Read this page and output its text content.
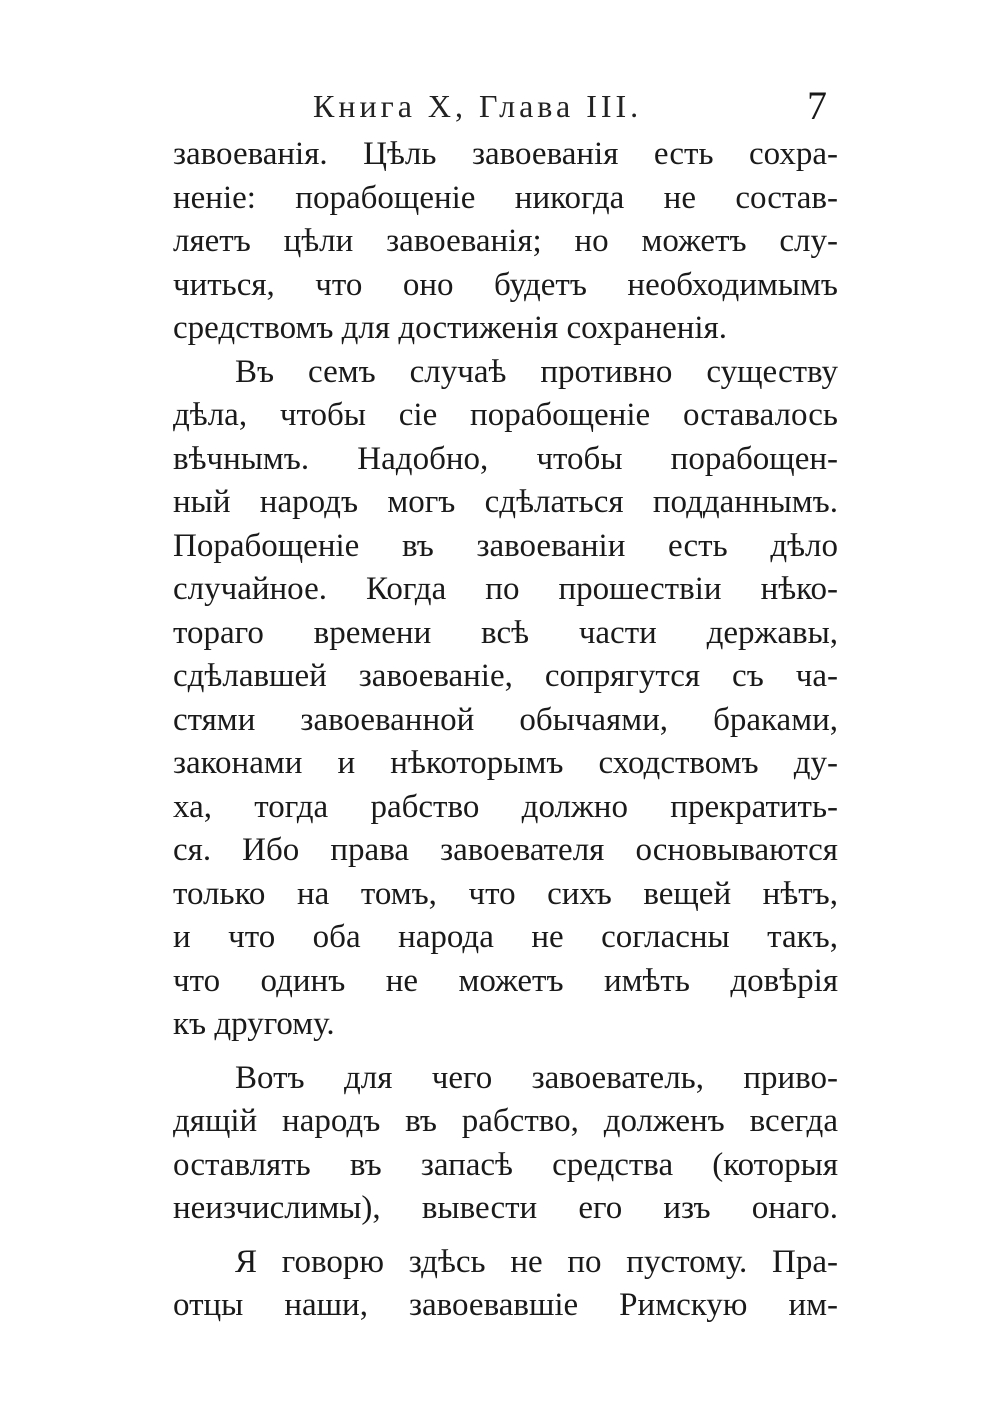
Книга X, Глава III.	7
завоеванія. Цѣль завоеванія есть сохра-
неніе: порабощеніе никогда не состав-
ляетъ цѣли завоеванія; но можетъ слу-
читься, что оно будетъ необходимымъ
средствомъ для достиженія сохраненія.
Въ семъ случаѣ противно существу
дѣла, чтобы сіе порабощеніе оставалось
вѣчнымъ. Надобно, чтобы порабощен-
ный народъ могъ сдѣлаться подданнымъ.
Порабощеніе въ завоеваніи есть дѣло
случайное. Когда по прошествіи нѣко-
тораго времени всѣ части державы,
сдѣлавшей завоеваніе, сопрягутся съ ча-
стями завоеванной обычаями, браками,
законами и нѣкоторымъ сходствомъ ду-
ха, тогда рабство должно прекратить-
ся. Ибо права завоевателя основываются
только на томъ, что сихъ вещей нѣтъ,
и что оба народа не согласны такъ,
что одинъ не можетъ имѣть довѣрія
къ другому.
Вотъ для чего завоеватель, приво-
дящій народъ въ рабство, долженъ всегда
оставлять въ запасѣ средства (которыя
неизчислимы), вывести его изъ онаго.
Я говорю здѣсь не по пустому. Пра-
отцы наши, завоевавшіе Римскую им-
